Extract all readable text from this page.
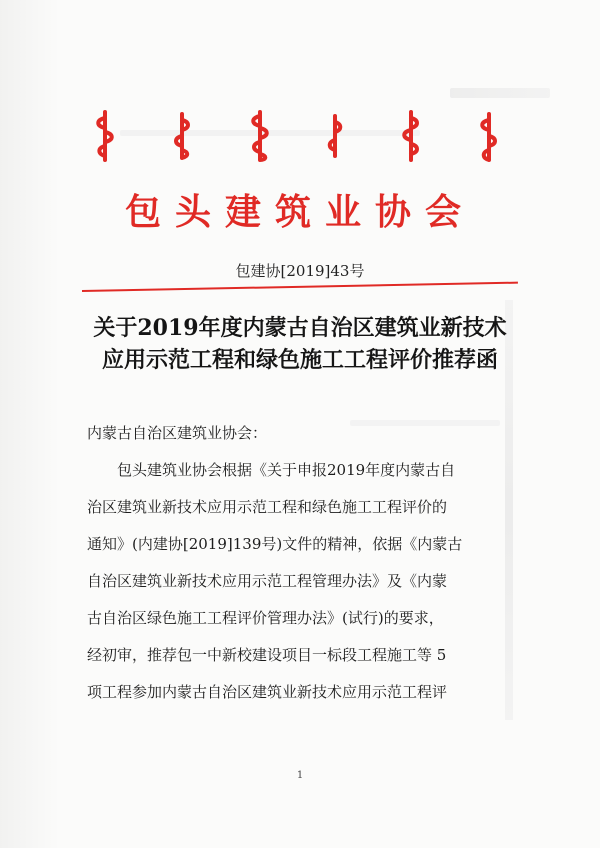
包头建筑业协会
包建协[2019]43号
关于2019年度内蒙古自治区建筑业新技术
应用示范工程和绿色施工工程评价推荐函

内蒙古自治区建筑业协会：

包头建筑业协会根据《关于申报2019年度内蒙古自

治区建筑业新技术应用示范工程和绿色施工工程评价的

通知》(内建协[2019]139号)文件的精神，依据《内蒙古

自治区建筑业新技术应用示范工程管理办法》及《内蒙

古自治区绿色施工工程评价管理办法》(试行)的要求，

经初审，推荐包一中新校建设项目一标段工程施工等 5

项工程参加内蒙古自治区建筑业新技术应用示范工程评

1
